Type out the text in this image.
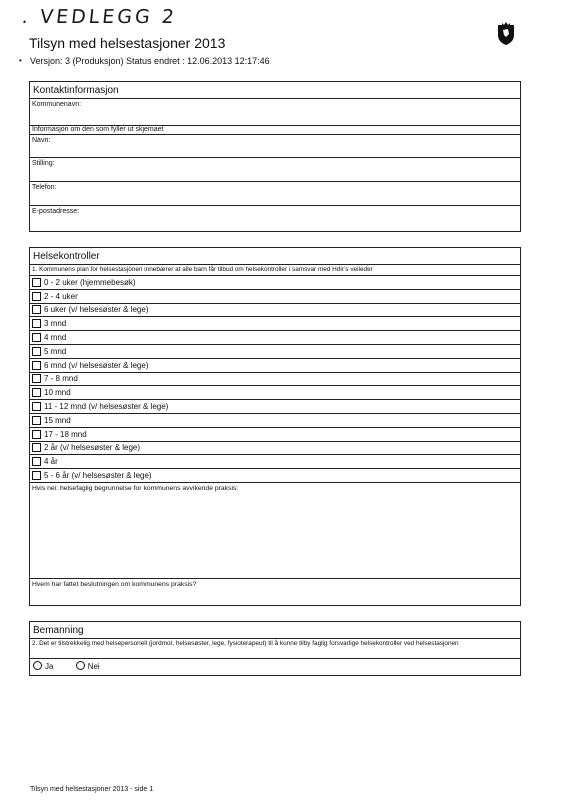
. VEDLEGG 2
Tilsyn med helsestasjoner 2013
• Versjon: 3 (Produksjon) Status endret : 12.06.2013 12:17:46
Kontaktinformasjon
Kommunenavn:
Informasjon om den som fyller ut skjemaet
Navn:
Stilling:
Telefon:
E-postadresse:
Helsekontroller
1. Kommunens plan for helsestasjonen innebærer at alle barn får tilbud om helsekontroller i samsvar med Hdir’s veileder
0 - 2 uker (hjemmebesøk)
2 - 4 uker
6 uker (v/ helsesøster & lege)
3 mnd
4 mnd
5 mnd
6 mnd (v/ helsesøster & lege)
7 - 8 mnd
10 mnd
11 - 12 mnd (v/ helsesøster & lege)
15 mnd
17 - 18 mnd
2 år (v/ helsesøster & lege)
4 år
5 - 6 år (v/ helsesøster & lege)
Hvis nei: helsefaglig begrunnelse for kommunens avvikende praksis:
Hvem har fattet beslutningen om kommunens praksis?
Bemanning
2. Det er tilstrekkelig med helsepersonell (jordmor, helsesøster, lege, fysioterapeut) til å kunne tilby faglig forsvarlige helsekontroller ved helsestasjonen
Ja	Nei
Tilsyn med helsestasjoner 2013 - side 1
